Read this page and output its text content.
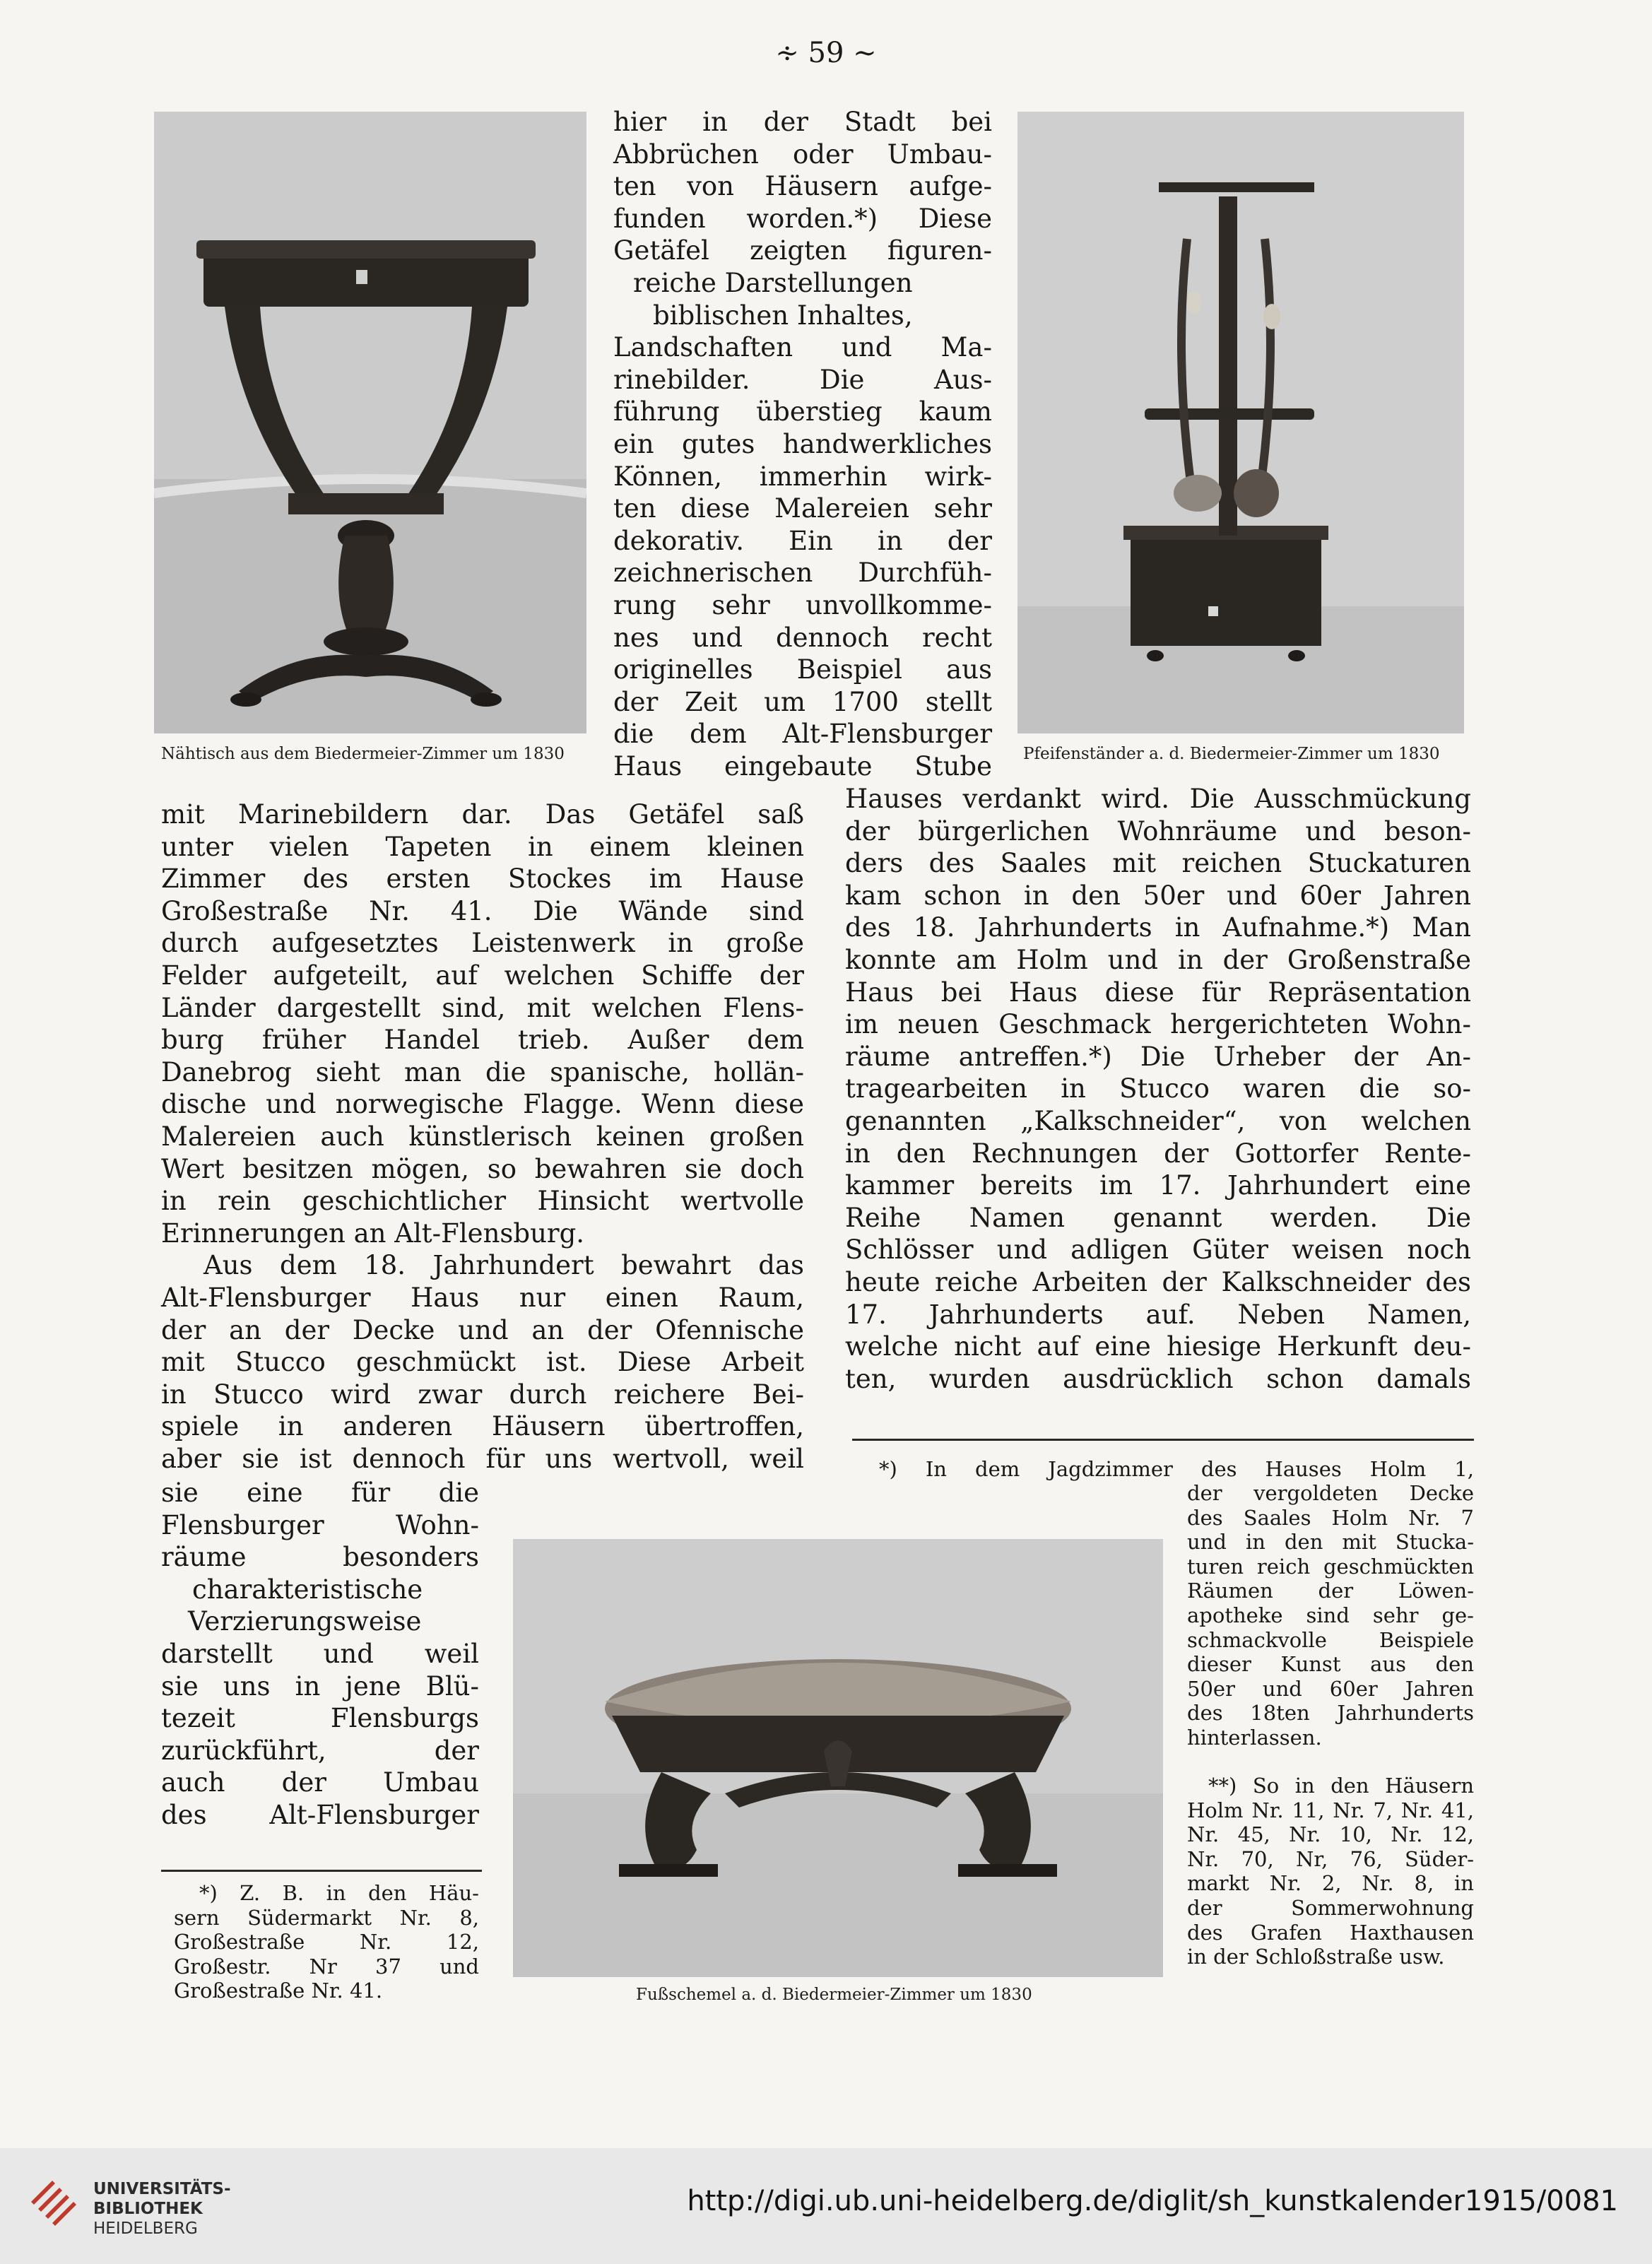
∻ 59 ∼
Nähtisch aus dem Biedermeier-Zimmer um 1830

hier in der Stadt bei
Abbrüchen oder Umbau-
ten von Häusern aufge-
funden worden.*) Diese
Getäfel zeigten figuren-
reiche Darstellungen
biblischen Inhaltes,
Landschaften und Ma-
rinebilder. Die Aus-
führung überstieg kaum
ein gutes handwerkliches
Können, immerhin wirk-
ten diese Malereien sehr
dekorativ. Ein in der
zeichnerischen Durchfüh-
rung sehr unvollkomme-
nes und dennoch recht
originelles Beispiel aus
der Zeit um 1700 stellt
die dem Alt-Flensburger
Haus eingebaute Stube Pfeifenständer a. d. Biedermeier-Zimmer um 1830

mit Marinebildern dar. Das Getäfel saß
unter vielen Tapeten in einem kleinen
Zimmer des ersten Stockes im Hause
Großestraße Nr. 41. Die Wände sind
durch aufgesetztes Leistenwerk in große
Felder aufgeteilt, auf welchen Schiffe der
Länder dargestellt sind, mit welchen Flens-
burg früher Handel trieb. Außer dem
Danebrog sieht man die spanische, hollän-
dische und norwegische Flagge. Wenn diese
Malereien auch künstlerisch keinen großen
Wert besitzen mögen, so bewahren sie doch
in rein geschichtlicher Hinsicht wertvolle
Erinnerungen an Alt-Flensburg.
Aus dem 18. Jahrhundert bewahrt das
Alt-Flensburger Haus nur einen Raum,
der an der Decke und an der Ofennische
mit Stucco geschmückt ist. Diese Arbeit
in Stucco wird zwar durch reichere Bei-
spiele in anderen Häusern übertroffen,
aber sie ist dennoch für uns wertvoll, weil

sie eine für die
Flensburger Wohn-
räume besonders
charakteristische
Verzierungsweise
darstellt und weil
sie uns in jene Blü-
tezeit Flensburgs
zurückführt, der
auch der Umbau
des Alt-Flensburger

Hauses verdankt wird. Die Ausschmückung
der bürgerlichen Wohnräume und beson-
ders des Saales mit reichen Stuckaturen
kam schon in den 50er und 60er Jahren
des 18. Jahrhunderts in Aufnahme.*) Man
konnte am Holm und in der Großenstraße
Haus bei Haus diese für Repräsentation
im neuen Geschmack hergerichteten Wohn-
räume antreffen.*) Die Urheber der An-
tragearbeiten in Stucco waren die so-
genannten „Kalkschneider“, von welchen
in den Rechnungen der Gottorfer Rente-
kammer bereits im 17. Jahrhundert eine
Reihe Namen genannt werden. Die
Schlösser und adligen Güter weisen noch
heute reiche Arbeiten der Kalkschneider des
17. Jahrhunderts auf. Neben Namen,
welche nicht auf eine hiesige Herkunft deu-
ten, wurden ausdrücklich schon damals

*) In dem Jagdzimmer des Hauses Holm 1,

der vergoldeten Decke
des Saales Holm Nr. 7
und in den mit Stucka-
turen reich geschmückten
Räumen der Löwen-
apotheke sind sehr ge-
schmackvolle Beispiele
dieser Kunst aus den
50er und 60er Jahren
des 18ten Jahrhunderts
hinterlassen.

**) So in den Häusern
Holm Nr. 11, Nr. 7, Nr. 41,
Nr. 45, Nr. 10, Nr. 12,
Nr. 70, Nr, 76, Süder-
markt Nr. 2, Nr. 8, in
der Sommerwohnung
des Grafen Haxthausen
in der Schloßstraße usw.

Fußschemel a. d. Biedermeier-Zimmer um 1830

*) Z. B. in den Häu-
sern Südermarkt Nr. 8,
Großestraße Nr. 12,
Großestr. Nr 37 und
Großestraße Nr. 41.

UNIVERSITÄTS-
BIBLIOTHEK
HEIDELBERG
http://digi.ub.uni-heidelberg.de/diglit/sh_kunstkalender1915/0081
